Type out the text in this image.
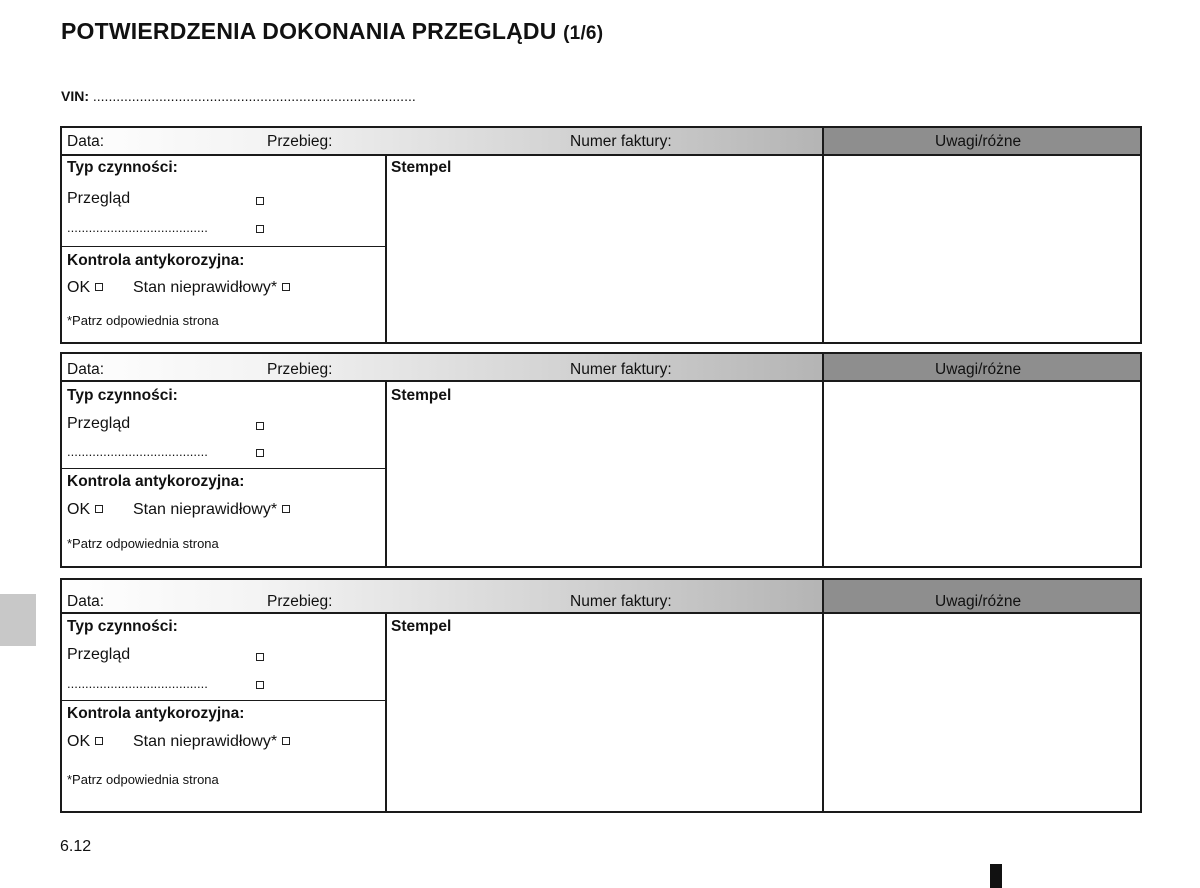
POTWIERDZENIA DOKONANIA PRZEGLĄDU (1/6)
VIN: ...................................................................................
Data:	Przebieg:	Numer faktury:	Uwagi/różne
Typ czynności:
Przegląd
.......................................
Kontrola antykorozyjna:
OK	Stan nieprawidłowy*
*Patrz odpowiednia strona
Stempel
Data:	Przebieg:	Numer faktury:	Uwagi/różne
Typ czynności:
Przegląd
.......................................
Kontrola antykorozyjna:
OK	Stan nieprawidłowy*
*Patrz odpowiednia strona
Stempel
Data:	Przebieg:	Numer faktury:	Uwagi/różne
Typ czynności:
Przegląd
.......................................
Kontrola antykorozyjna:
OK	Stan nieprawidłowy*
*Patrz odpowiednia strona
Stempel
6.12
